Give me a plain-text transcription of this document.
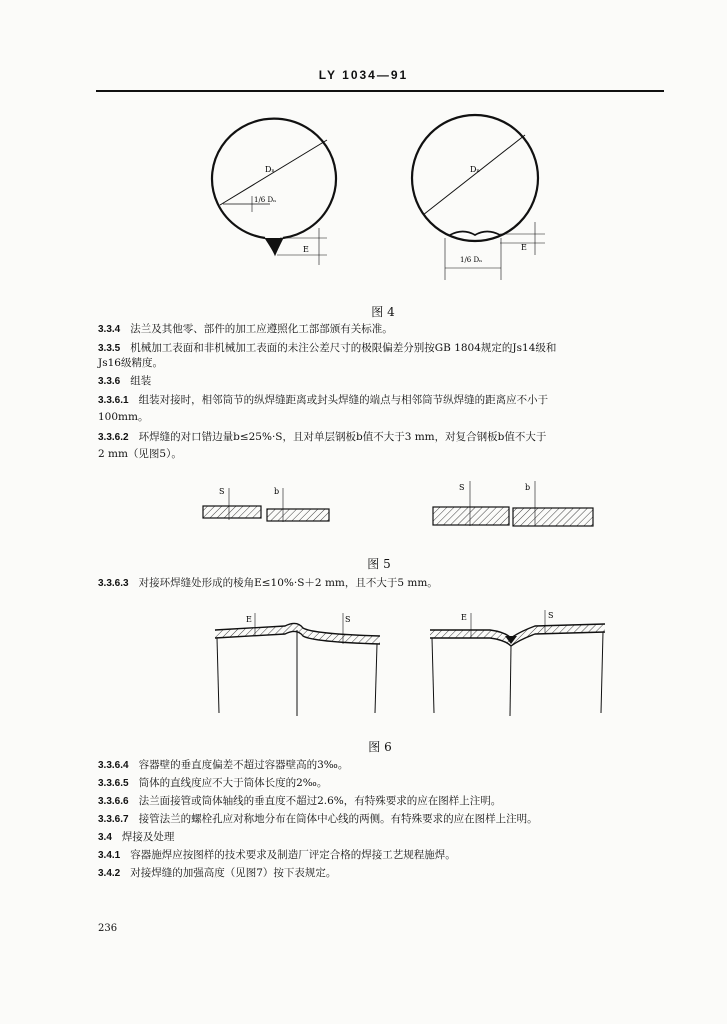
LY 1034—91
Dₙ
1/6 Dₙ
E
Dₙ
1/6 Dₙ
E
图 4
3.3.4 法兰及其他零、部件的加工应遵照化工部部颁有关标准。
3.3.5 机械加工表面和非机械加工表面的未注公差尺寸的极限偏差分别按GB 1804规定的Js14级和
Js16级精度。
3.3.6 组装
3.3.6.1 组装对接时，相邻筒节的纵焊缝距离或封头焊缝的端点与相邻筒节纵焊缝的距离应不小于
100mm。
3.3.6.2 环焊缝的对口错边量b≤25%·S，且对单层钢板b值不大于3 mm，对复合钢板b值不大于
2 mm（见图5）。
S	b	S	b
图 5
3.3.6.3 对接环焊缝处形成的棱角E≤10%·S＋2 mm，且不大于5 mm。
E	S	E	S
图 6
3.3.6.4 容器壁的垂直度偏差不超过容器壁高的3‰。
3.3.6.5 筒体的直线度应不大于筒体长度的2‰。
3.3.6.6 法兰面接管或筒体轴线的垂直度不超过2.6%，有特殊要求的应在图样上注明。
3.3.6.7 接管法兰的螺栓孔应对称地分布在筒体中心线的两侧。有特殊要求的应在图样上注明。
3.4 焊接及处理
3.4.1 容器施焊应按图样的技术要求及制造厂评定合格的焊接工艺规程施焊。
3.4.2 对接焊缝的加强高度（见图7）按下表规定。
236
